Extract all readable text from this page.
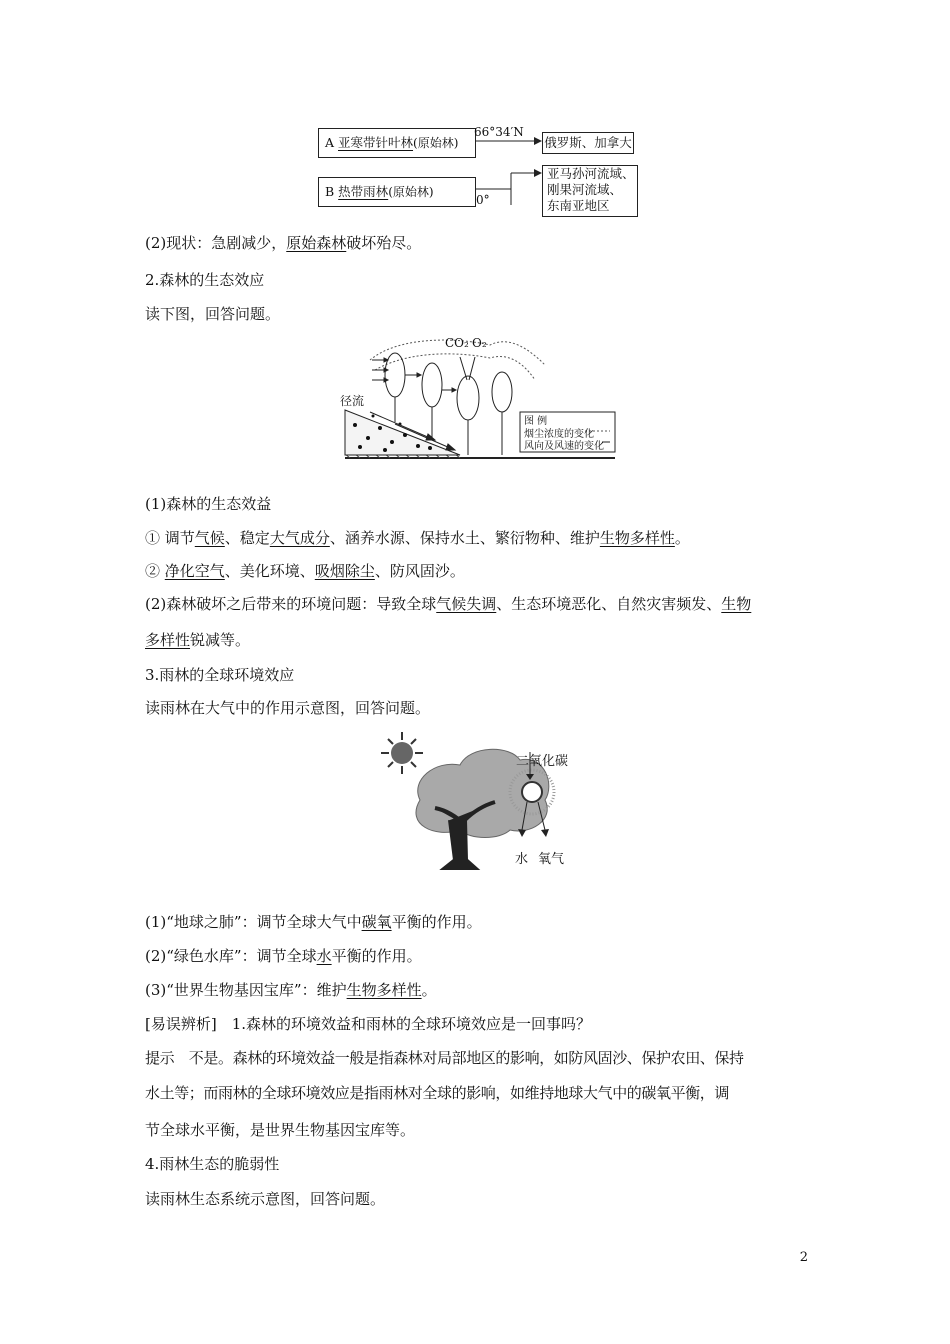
A 亚寒带针叶林(原始林)
66°34′N
俄罗斯、加拿大
B 热带雨林(原始林)
0°
亚马孙河流域、
刚果河流域、
东南亚地区
(2)现状：急剧减少，原始森林破坏殆尽。
2.森林的生态效应
读下图，回答问题。
CO₂ O₂
径流
图 例
烟尘浓度的变化
风向及风速的变化
(1)森林的生态效益
① 调节气候、稳定大气成分、涵养水源、保持水土、繁衍物种、维护生物多样性。
② 净化空气、美化环境、吸烟除尘、防风固沙。
(2)森林破坏之后带来的环境问题：导致全球气候失调、生态环境恶化、自然灾害频发、生物
多样性锐减等。
3.雨林的全球环境效应
读雨林在大气中的作用示意图，回答问题。
二氧化碳
水 氧气
(1)“地球之肺”：调节全球大气中碳氧平衡的作用。
(2)“绿色水库”：调节全球水平衡的作用。
(3)“世界生物基因宝库”：维护生物多样性。
[易误辨析]　1.森林的环境效益和雨林的全球环境效应是一回事吗？
提示　不是。森林的环境效益一般是指森林对局部地区的影响，如防风固沙、保护农田、保持
水土等；而雨林的全球环境效应是指雨林对全球的影响，如维持地球大气中的碳氧平衡，调
节全球水平衡，是世界生物基因宝库等。
4.雨林生态的脆弱性
读雨林生态系统示意图，回答问题。
2
